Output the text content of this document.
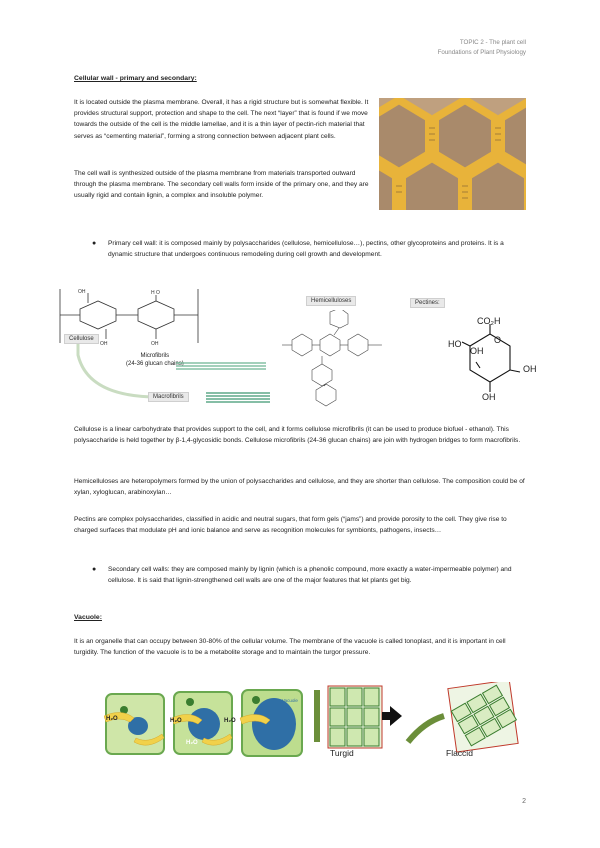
TOPIC 2 - The plant cell
Foundations of Plant Physiology
Cellular wall - primary and secondary:
It is located outside the plasma membrane. Overall, it has a rigid structure but is somewhat flexible. It provides structural support, protection and shape to the cell. The next “layer” that is found if we move towards the outside of the cell is the middle lamellae, and it is a thin layer of pectin-rich material that serves as “cementing material”, forming a strong connection between adjacent plant cells.
The cell wall is synthesized outside of the plasma membrane from materials transported outward through the plasma membrane. The secondary cell walls form inside of the primary one, and they are usually rigid and contain lignin, a complex and insoluble polymer.
● Primary cell wall: it is composed mainly by polysaccharides (cellulose, hemicellulose…), pectins, other glycoproteins and proteins. It is a dynamic structure that undergoes continuous remodeling during cell growth and development.
OH	H O
OH	OH
Cellulose
Microfibrils
(24-36 glucan chains)
Macrofibrils
Hemicelluloses	Pectines:
CO₂H
HO
OH
OH
OH
O
Cellulose is a linear carbohydrate that provides support to the cell, and it forms cellulose microfibrils (it can be used to produce biofuel - ethanol). This polysaccharide is held together by β-1,4-glycosidic bonds. Cellulose microfibrils (24-36 glucan chains) are join with hydrogen bridges to form macrofibrils.
Hemicelluloses are heteropolymers formed by the union of polysaccharides and cellulose, and they are shorter than cellulose. The composition could be of xylan, xyloglucan, arabinoxylan…
Pectins are complex polysaccharides, classified in acidic and neutral sugars, that form gels (“jams”) and provide porosity to the cell. They give rise to charged surfaces that modulate pH and ionic balance and serve as recognition molecules for symbionts, pathogens, insects…
● Secondary cell walls: they are composed mainly by lignin (which is a phenolic compound, more exactly a water-impermeable polymer) and cellulose. It is said that lignin-strengthened cell walls are one of the major features that let plants get big.
Vacuole:
It is an organelle that can occupy between 30-80% of the cellular volume. The membrane of the vacuole is called tonoplast, and it is important in cell turgidity. The function of the vacuole is to be a metabolite storage and to maintain the turgor pressure.
H₂O	H₂O	H₂O
H₂O
Vacuole
Turgid	Flaccid
2
